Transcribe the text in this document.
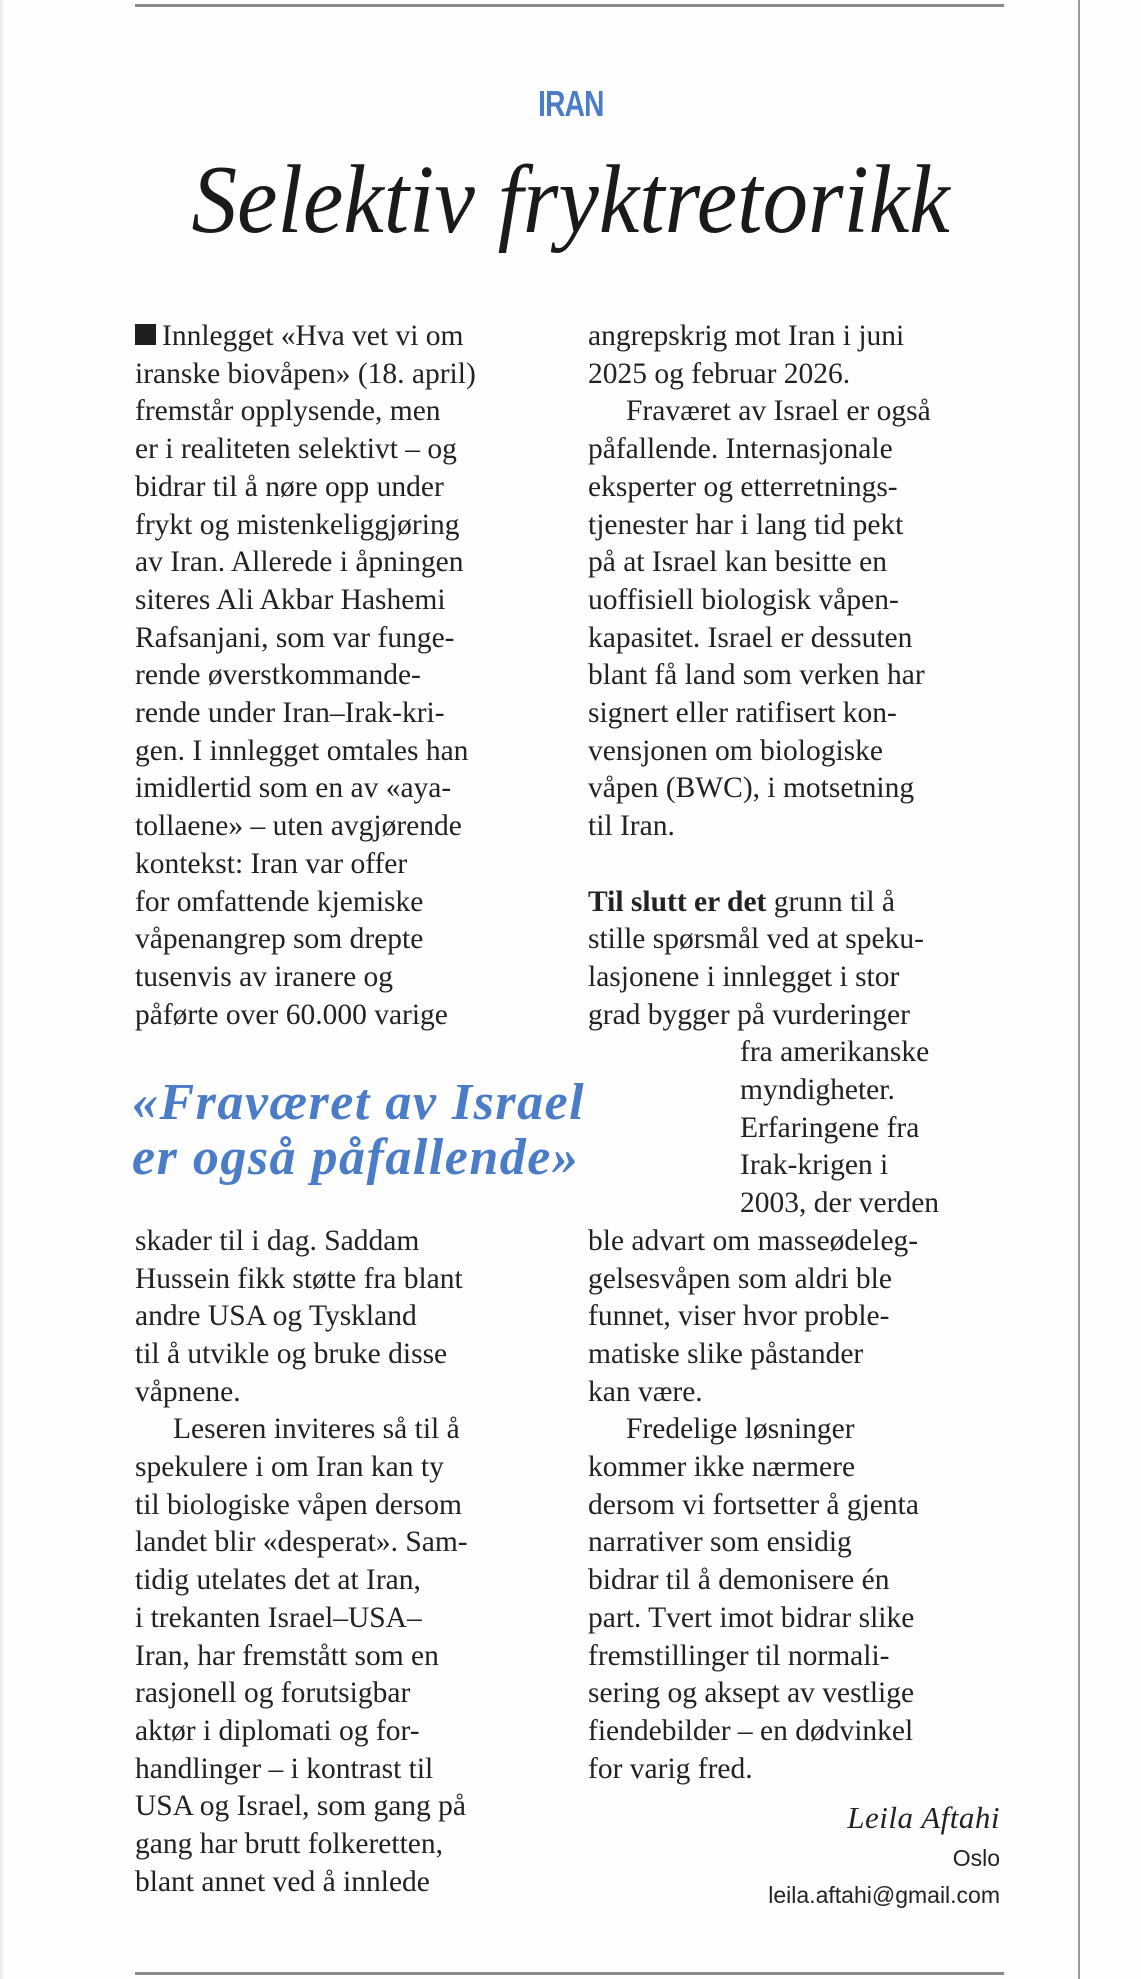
IRAN
Selektiv fryktretorikk
Innlegget «Hva vet vi om
iranske biovåpen» (18. april)
fremstår opplysende, men
er i realiteten selektivt – og
bidrar til å nøre opp under
frykt og mistenkeliggjøring
av Iran. Allerede i åpningen
siteres Ali Akbar Hashemi
Rafsanjani, som var funge-
rende øverstkommande-
rende under Iran–Irak-kri-
gen. I innlegget omtales han
imidlertid som en av «aya-
tollaene» – uten avgjørende
kontekst: Iran var offer
for omfattende kjemiske
våpenangrep som drepte
tusenvis av iranere og
påførte over 60.000 varige
skader til i dag. Saddam
Hussein fikk støtte fra blant
andre USA og Tyskland
til å utvikle og bruke disse
våpnene.
Leseren inviteres så til å
spekulere i om Iran kan ty
til biologiske våpen dersom
landet blir «desperat». Sam-
tidig utelates det at Iran,
i trekanten Israel–USA–
Iran, har fremstått som en
rasjonell og forutsigbar
aktør i diplomati og for-
handlinger – i kontrast til
USA og Israel, som gang på
gang har brutt folkeretten,
blant annet ved å innlede
angrepskrig mot Iran i juni
2025 og februar 2026.
Fraværet av Israel er også
påfallende. Internasjonale
eksperter og etterretnings-
tjenester har i lang tid pekt
på at Israel kan besitte en
uoffisiell biologisk våpen-
kapasitet. Israel er dessuten
blant få land som verken har
signert eller ratifisert kon-
vensjonen om biologiske
våpen (BWC), i motsetning
til Iran.
Til slutt er det grunn til å
stille spørsmål ved at speku-
lasjonene i innlegget i stor
grad bygger på vurderinger
fra amerikanske
myndigheter.
Erfaringene fra
Irak-krigen i
2003, der verden
ble advart om masseødeleg-
gelsesvåpen som aldri ble
funnet, viser hvor proble-
matiske slike påstander
kan være.
Fredelige løsninger
kommer ikke nærmere
dersom vi fortsetter å gjenta
narrativer som ensidig
bidrar til å demonisere én
part. Tvert imot bidrar slike
fremstillinger til normali-
sering og aksept av vestlige
fiendebilder – en dødvinkel
for varig fred.
«Fraværet av Israel
er også påfallende»
Leila Aftahi
Oslo
leila.aftahi@gmail.com
